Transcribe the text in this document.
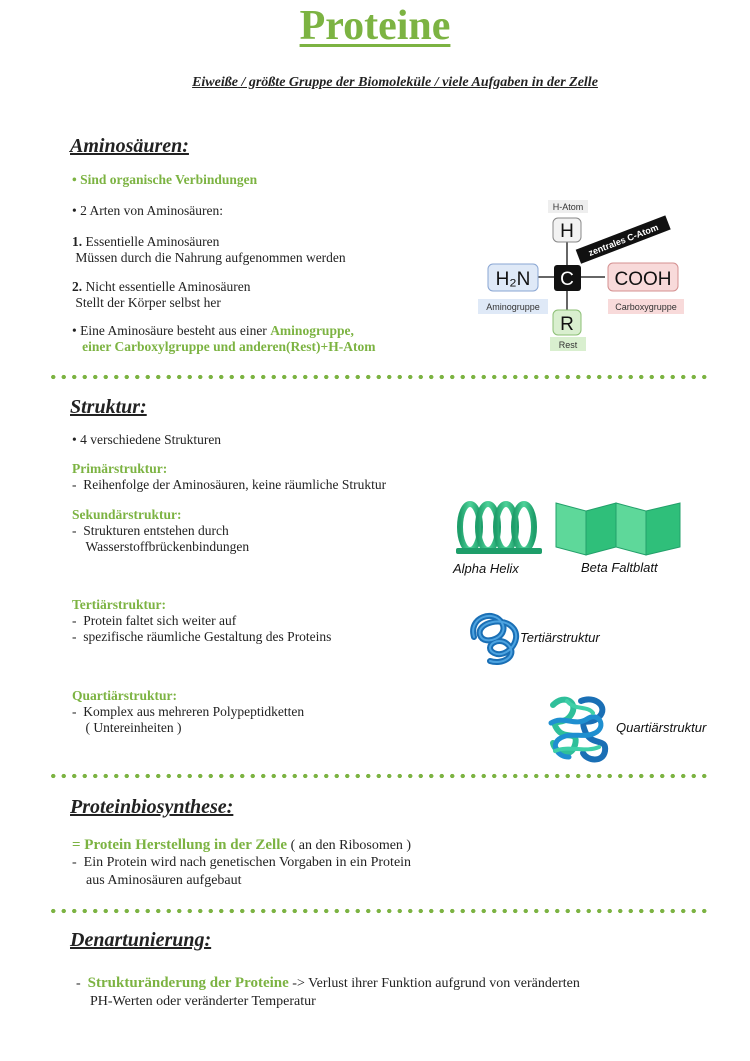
Proteine
Eiweiße / größte Gruppe der Biomoleküle / viele Aufgaben in der Zelle
Aminosäuren:
• Sind organische Verbindungen
• 2 Arten von Aminosäuren:
1. Essentielle Aminosäuren
Müssen durch die Nahrung aufgenommen werden
2. Nicht essentielle Aminosäuren
Stellt der Körper selbst her
• Eine Aminosäure besteht aus einer Aminogruppe,
einer Carboxylgruppe und anderen(Rest)+H-Atom
H-Atom
H
H₂N C
zentrales C-Atom
COOH
Aminogruppe	Carboxygruppe
R
Rest
Struktur:
• 4 verschiedene Strukturen
Primärstruktur:
-  Reihenfolge der Aminosäuren, keine räumliche Struktur
Sekundärstruktur:
-  Strukturen entstehen durch
Wasserstoffbrückenbindungen
Tertiärstruktur:
-  Protein faltet sich weiter auf
-  spezifische räumliche Gestaltung des Proteins
Quartiärstruktur:
-  Komplex aus mehreren Polypeptidketten
( Untereinheiten )
Alpha Helix	Beta Faltblatt
Tertiärstruktur
Quartiärstruktur
Proteinbiosynthese:
= Protein Herstellung in der Zelle ( an den Ribosomen )
-  Ein Protein wird nach genetischen Vorgaben in ein Protein
aus Aminosäuren aufgebaut
Denartunierung:
-  Strukturänderung der Proteine -> Verlust ihrer Funktion aufgrund von veränderten
PH-Werten oder veränderter Temperatur
